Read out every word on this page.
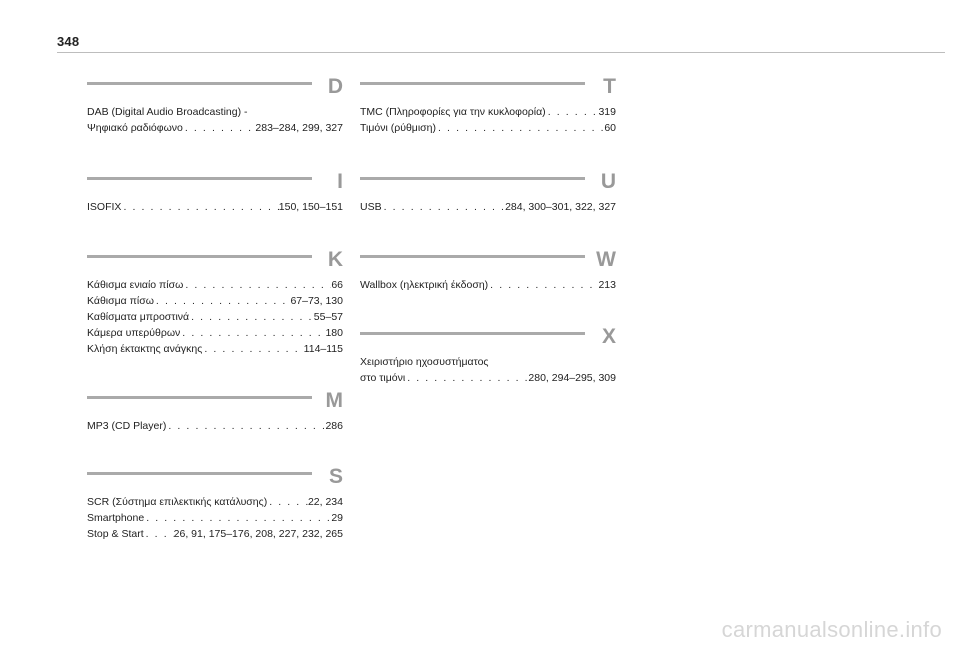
348
D
DAB (Digital Audio Broadcasting) -
Ψηφιακό ραδιόφωνο . . .	283–284, 299, 327
I
ISOFIX . . .	150, 150–151
K
Κάθισμα ενιαίο πίσω . . .	66
Κάθισμα πίσω . . .	67–73, 130
Καθίσματα μπροστινά . . .	55–57
Κάμερα υπερύθρων . . .	180
Κλήση έκτακτης ανάγκης . . .	114–115
M
MP3 (CD Player) . . .	286
S
SCR (Σύστημα επιλεκτικής κατάλυσης) . . .	22, 234
Smartphone . . .	29
Stop & Start . . .	26, 91, 175–176, 208, 227, 232, 265
T
TMC (Πληροφορίες για την κυκλοφορία) . . .	319
Τιμόνι (ρύθμιση) . . .	60
U
USB . . .	284, 300–301, 322, 327
W
Wallbox (ηλεκτρική έκδοση) . . .	213
X
Χειριστήριο ηχοσυστήματος
στο τιμόνι . . .	280, 294–295, 309
carmanualsonline.info
